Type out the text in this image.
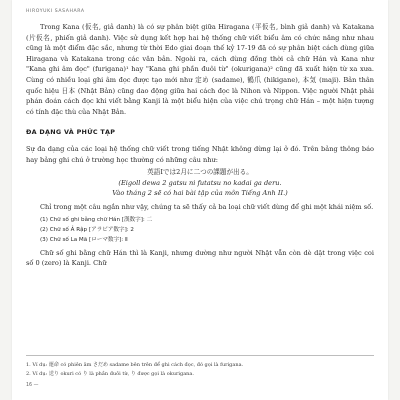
HIROYUKI SASAHARA

Trong Kana (仮名, giả danh) là có sự phân biệt giữa Hiragana (平仮名, bình giả danh) và Katakana (片仮名, phiến giả danh). Việc sử dụng kết hợp hai hệ thống chữ viết biểu âm có chức năng như nhau cũng là một điểm đặc sắc, nhưng từ thời Edo giai đoạn thế kỷ 17-19 đã có sự phân biệt cách dùng giữa Hiragana và Katakana trong các văn bản. Ngoài ra, cách dùng đồng thời cả chữ Hán và Kana như "Kana ghi âm đọc" (furigana)¹ hay "Kana ghi phần đuôi từ" (okurigana)² cũng đã xuất hiện từ xa xưa. Cùng có nhiều loại ghi âm đọc được tạo mới như 定め (sadame), 鶴爪 (hikigane), 本気 (maji). Bản thân quốc hiệu 日本 (Nhật Bản) cũng dao động giữa hai cách đọc là Nihon và Nippon. Việc người Nhật phải phán đoán cách đọc khi viết bằng Kanji là một biểu hiện của việc chú trọng chữ Hán – một hiện tượng có tính đặc thù của Nhật Bản.

ĐA DẠNG VÀ PHỨC TẠP

Sự đa dạng của các loại hệ thống chữ viết trong tiếng Nhật không dừng lại ở đó. Trên bảng thông báo hay bảng ghi chú ở trường học thường có những câu như:

英語Iでは2月に二つの課題が出る。
(Eigoll dewa 2 gatsu ni futatsu no kadai ga deru.
Vào tháng 2 sẽ có hai bài tập của môn Tiếng Anh II.)

Chỉ trong một câu ngắn như vậy, chúng ta sẽ thấy cả ba loại chữ viết dùng để ghi một khái niệm số.

(1) Chữ số ghi bằng chữ Hán [漢数字]: 二
(2) Chữ số Ả Rập [アラビア数字]: 2
(3) Chữ số La Mã [ローマ数字]: Ⅱ

Chữ số ghi bằng chữ Hán thì là Kanji, nhưng dường như người Nhật vẫn còn dè dặt trong việc coi số 0 (zero) là Kanji. Chữ

1. Ví dụ: 運命 có phiên âm さだめ sadame bên trên để ghi cách đọc, đó gọi là furigana.

2. Ví dụ: 送り okuri có り là phần đuôi từ, り được gọi là okurigana.

16 —
